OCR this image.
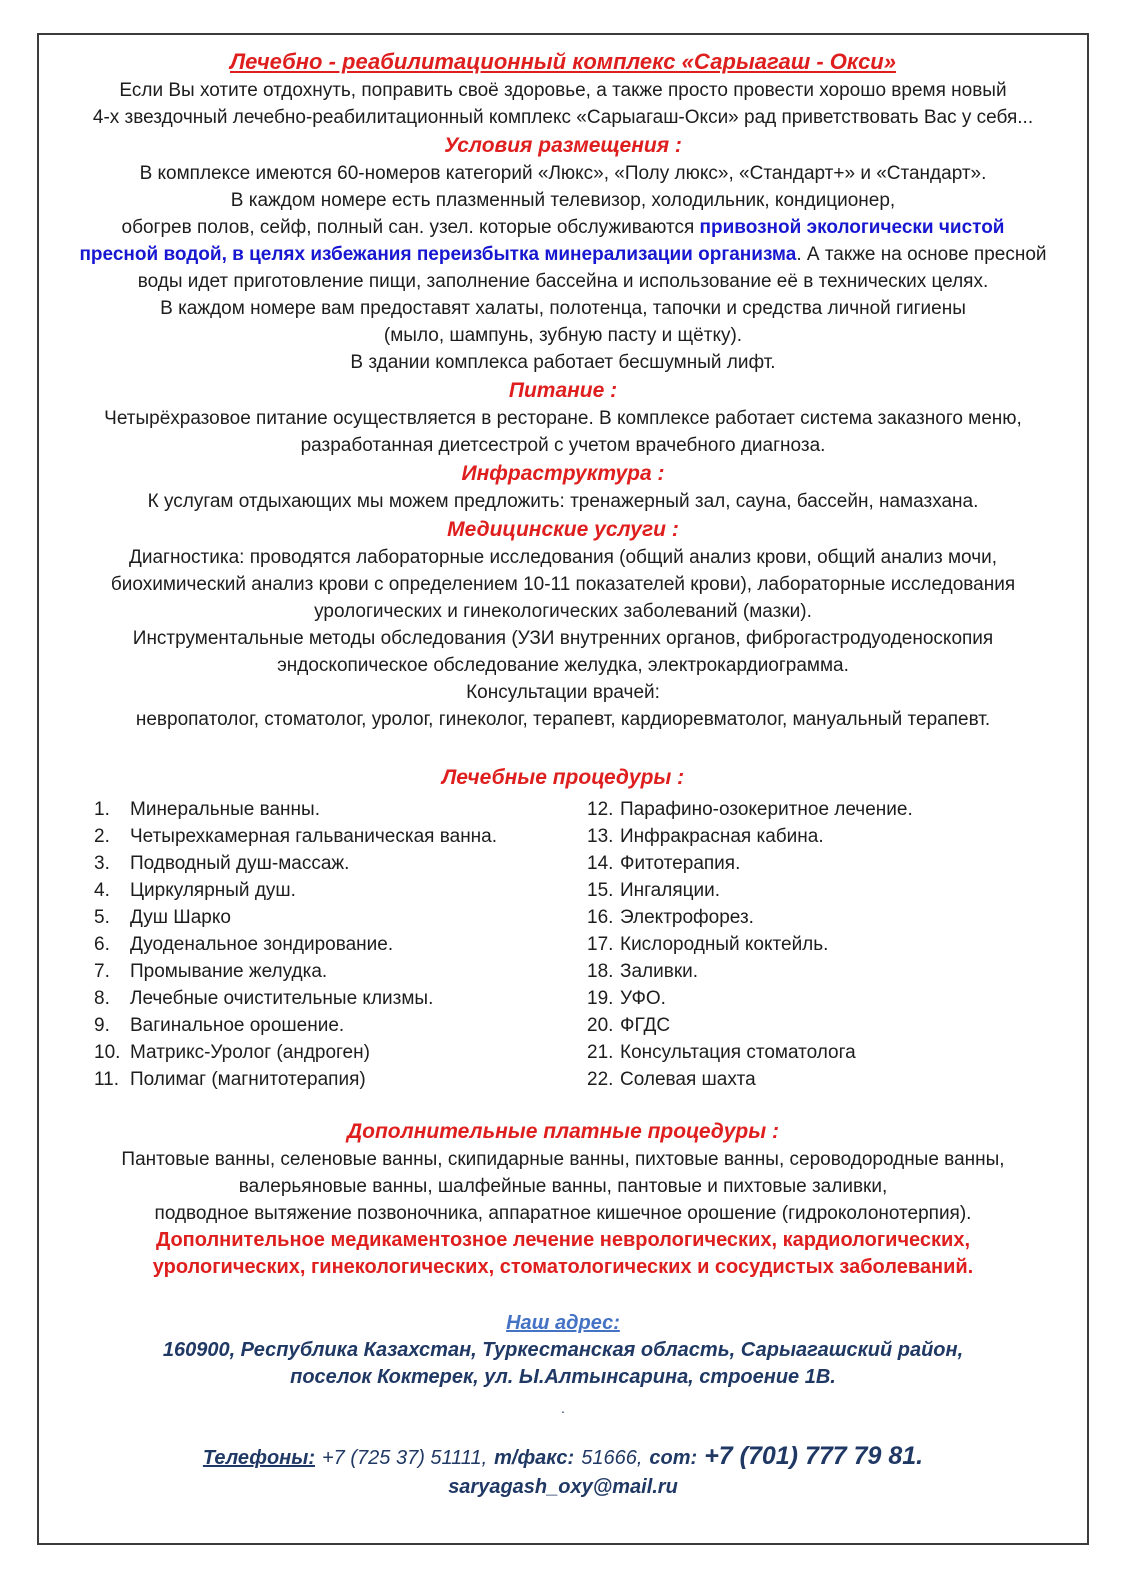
Лечебно - реабилитационный комплекс «Сарыагаш - Окси»
Если Вы хотите отдохнуть, поправить своё здоровье, а также просто провести хорошо время новый
4-х звездочный лечебно-реабилитационный комплекс «Сарыагаш-Окси» рад приветствовать Вас у себя...
Условия размещения :
В комплексе имеются 60-номеров категорий «Люкс», «Полу люкс», «Стандарт+» и «Стандарт».
В каждом номере есть плазменный телевизор, холодильник, кондиционер,
обогрев полов, сейф, полный сан. узел. которые обслуживаются привозной экологически чистой
пресной водой, в целях избежания переизбытка минерализации организма. А также на основе пресной
воды идет приготовление пищи, заполнение бассейна и использование её в технических целях.
В каждом номере вам предоставят халаты, полотенца, тапочки и средства личной гигиены
(мыло, шампунь, зубную пасту и щётку).
В здании комплекса работает бесшумный лифт.
Питание :
Четырёхразовое питание осуществляется в ресторане. В комплексе работает система заказного меню,
разработанная диетсестрой с учетом врачебного диагноза.
Инфраструктура :
К услугам отдыхающих мы можем предложить: тренажерный зал, сауна, бассейн, намазхана.
Медицинские услуги :
Диагностика: проводятся лабораторные исследования (общий анализ крови, общий анализ мочи,
биохимический анализ крови с определением 10-11 показателей крови), лабораторные исследования
урологических и гинекологических заболеваний (мазки).
Инструментальные методы обследования (УЗИ внутренних органов, фиброгастродуоденоскопия
эндоскопическое обследование желудка, электрокардиограмма.
Консультации врачей:
невропатолог, стоматолог, уролог, гинеколог, терапевт, кардиоревматолог, мануальный терапевт.
Лечебные процедуры :
1. Минеральные ванны.
2. Четырехкамерная гальваническая ванна.
3. Подводный душ-массаж.
4. Циркулярный душ.
5. Душ Шарко
6. Дуоденальное зондирование.
7. Промывание желудка.
8. Лечебные очистительные клизмы.
9. Вагинальное орошение.
10. Матрикс-Уролог (андроген)
11. Полимаг (магнитотерапия)
12. Парафино-озокеритное лечение.
13. Инфракрасная кабина.
14. Фитотерапия.
15. Ингаляции.
16. Электрофорез.
17. Кислородный коктейль.
18. Заливки.
19. УФО.
20. ФГДС
21. Консультация стоматолога
22. Солевая шахта
Дополнительные платные процедуры :
Пантовые ванны, селеновые ванны, скипидарные ванны, пихтовые ванны, сероводородные ванны,
валерьяновые ванны, шалфейные ванны, пантовые и пихтовые заливки,
подводное вытяжение позвоночника, аппаратное кишечное орошение (гидроколонотерпия).
Дополнительное медикаментозное лечение неврологических, кардиологических,
урологических, гинекологических, стоматологических и сосудистых заболеваний.
Наш адрес:
160900, Республика Казахстан, Туркестанская область, Сарыагашский район,
поселок Коктерек, ул. Ы.Алтынсарина, строение 1В.
.
Телефоны: +7 (725 37) 51111, т/факс: 51666, сот: +7 (701) 777 79 81.
saryagash_oxy@mail.ru
